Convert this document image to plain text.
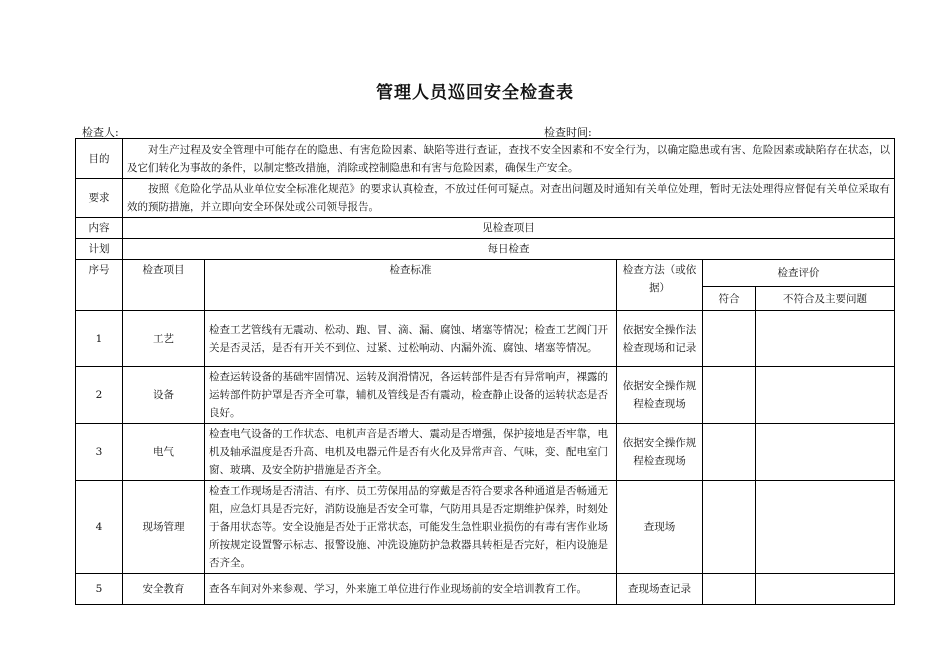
管理人员巡回安全检查表
检查人:	检查时间:
目的	对生产过程及安全管理中可能存在的隐患、有害危险因素、缺陷等进行查证，查找不安全因素和不安全行为，以确定隐患或有害、危险因素或缺陷存在状态，以及它们转化为事故的条件，以制定整改措施，消除或控制隐患和有害与危险因素，确保生产安全。				
要求	按照《危险化学品从业单位安全标准化规范》的要求认真检查，不放过任何可疑点。对查出问题及时通知有关单位处理，暂时无法处理得应督促有关单位采取有效的预防措施，并立即向安全环保处或公司领导报告。				
内容	见检查项目				
计划	每日检查				
序号	检查项目	检查标准	检查方法（或依据）	检查评价	
				符合	不符合及主要问题
1	工艺	检查工艺管线有无震动、松动、跑、冒、滴、漏、腐蚀、堵塞等情况；检查工艺阀门开关是否灵活，是否有开关不到位、过紧、过松响动、内漏外流、腐蚀、堵塞等情况。	依据安全操作法检查现场和记录		
2	设备	检查运转设备的基础牢固情况、运转及润滑情况，各运转部件是否有异常响声，裸露的运转部件防护罩是否齐全可靠，辅机及管线是否有震动，检查静止设备的运转状态是否良好。	依据安全操作规程检查现场		
3	电气	检查电气设备的工作状态、电机声音是否增大、震动是否增强，保护接地是否牢靠，电机及轴承温度是否升高、电机及电器元件是否有火化及异常声音、气味，变、配电室门窗、玻璃、及安全防护措施是否齐全。	依据安全操作规程检查现场		
4	现场管理	检查工作现场是否清洁、有序、员工劳保用品的穿戴是否符合要求各种通道是否畅通无阻，应急灯具是否完好，消防设施是否安全可靠，气防用具是否定期维护保养，时刻处于备用状态等。安全设施是否处于正常状态，可能发生急性职业损伤的有毒有害作业场所按规定设置警示标志、报警设施、冲洗设施防护急救器具转柜是否完好，柜内设施是否齐全。	查现场		
5	安全教育	查各车间对外来参观、学习，外来施工单位进行作业现场前的安全培训教育工作。	查现场查记录		
